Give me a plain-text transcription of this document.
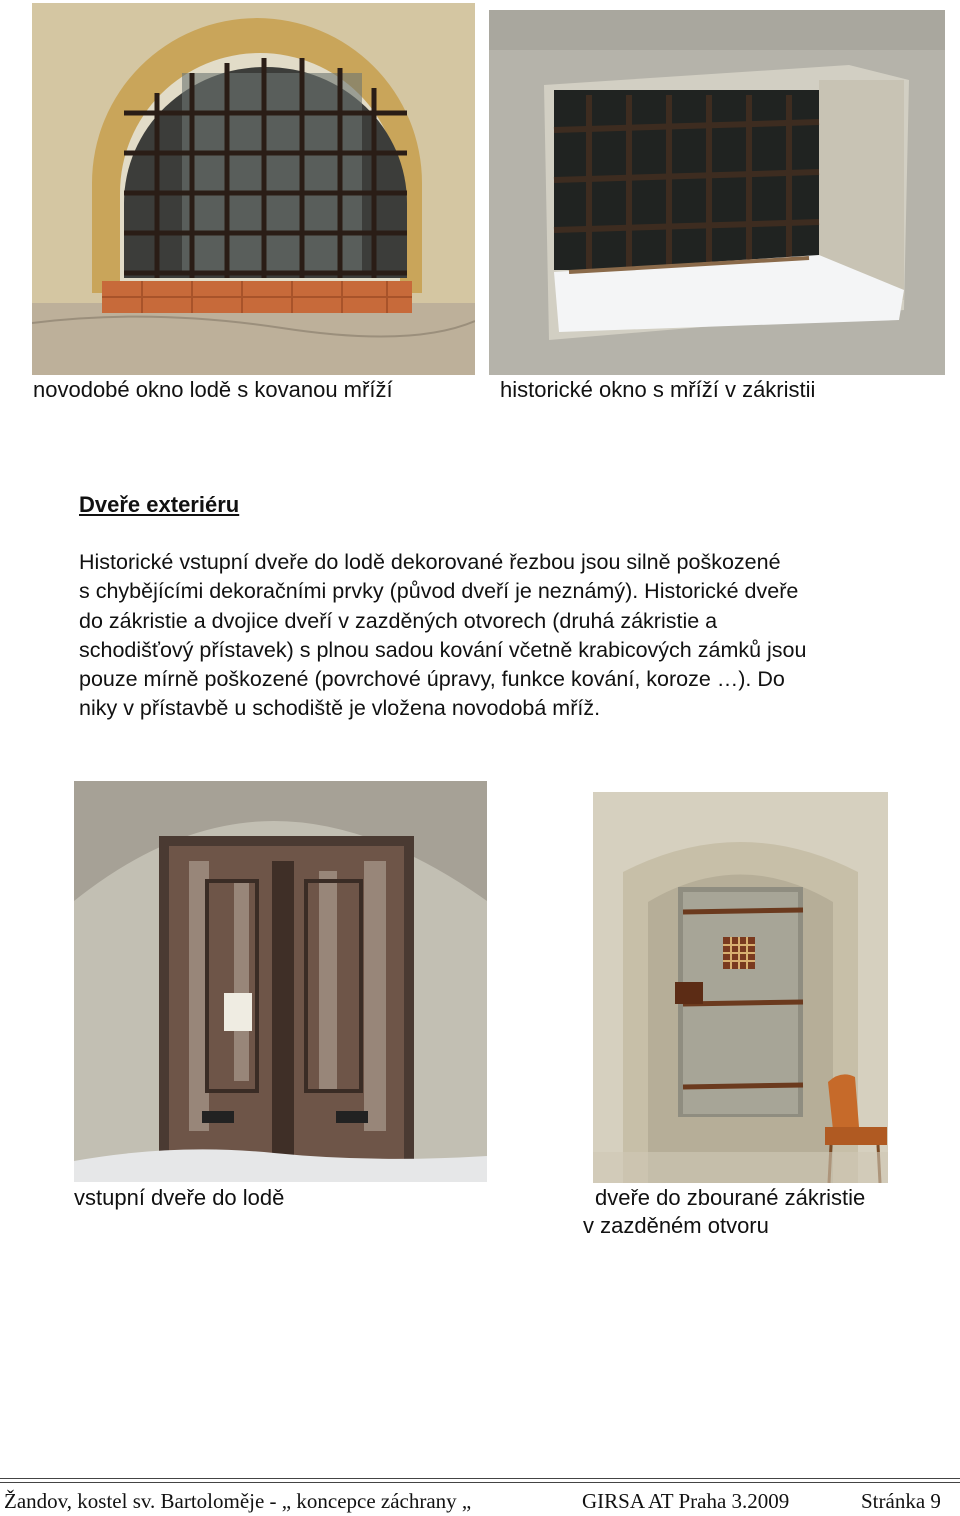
novodobé okno lodě s kovanou mříží	historické okno s mříží v zákristii
Dveře exteriéru

Historické vstupní dveře do lodě dekorované řezbou jsou silně poškozené

s chybějícími dekoračními prvky (původ dveří je neznámý). Historické dveře

do zákristie a dvojice dveří v zazděných otvorech (druhá zákristie a

schodišťový přístavek) s plnou sadou kování včetně krabicových zámků jsou

pouze mírně poškozené (povrchové úpravy, funkce kování, koroze …). Do

niky v přístavbě u schodiště je vložena novodobá mříž.

vstupní dveře do lodě	dveře do zbourané zákristie
v zazděném otvoru
Žandov, kostel sv. Bartoloměje - „ koncepce záchrany „	GIRSA AT Praha 3.2009	Stránka 9
